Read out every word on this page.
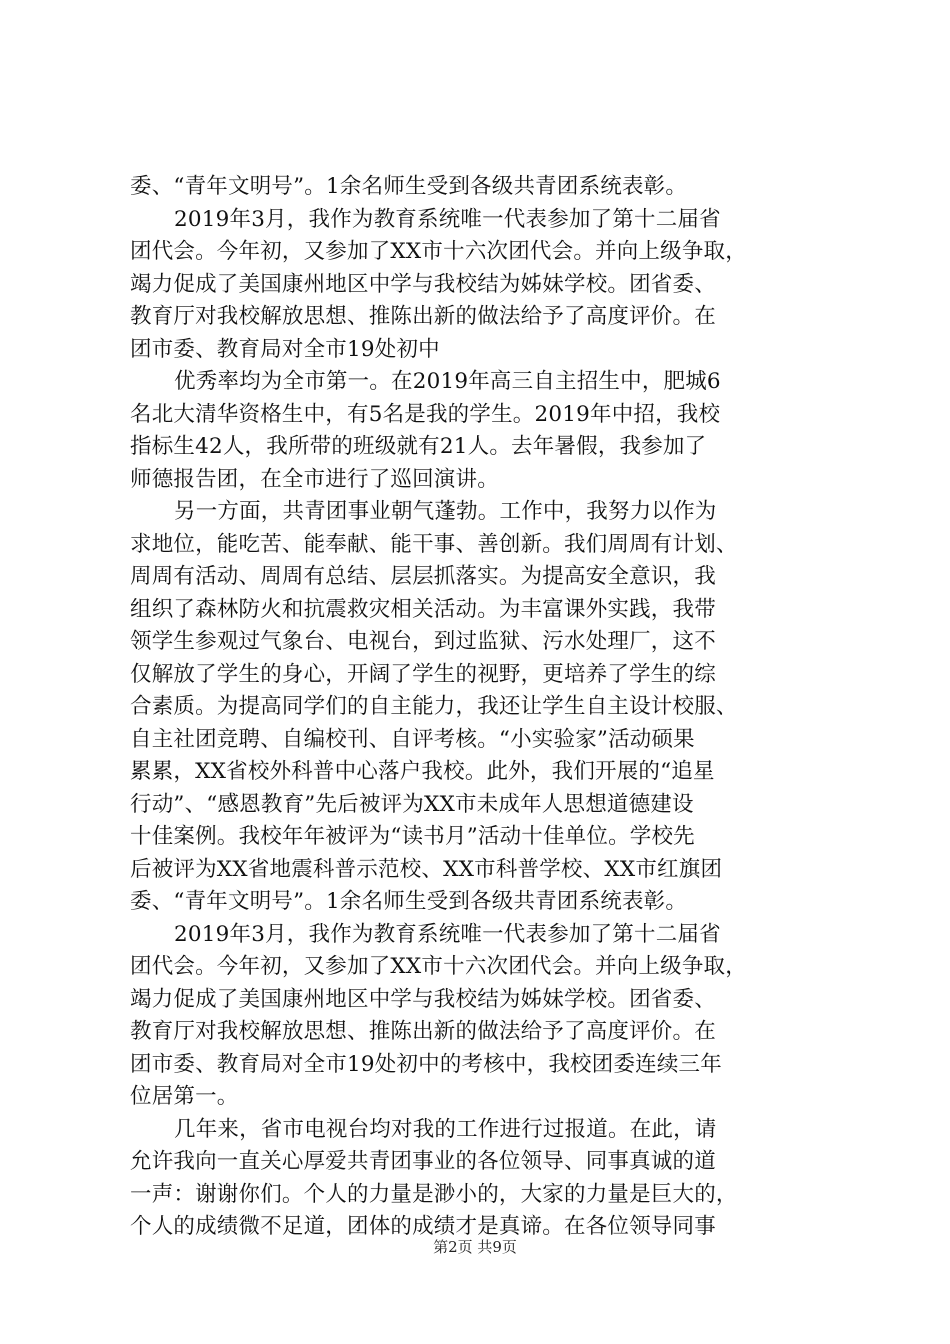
委、“青年文明号”。1余名师生受到各级共青团系统表彰。
2019年3月，我作为教育系统唯一代表参加了第十二届省
团代会。今年初，又参加了XX市十六次团代会。并向上级争取，
竭力促成了美国康州地区中学与我校结为姊妹学校。团省委、
教育厅对我校解放思想、推陈出新的做法给予了高度评价。在
团市委、教育局对全市19处初中
优秀率均为全市第一。在2019年高三自主招生中，肥城6
名北大清华资格生中，有5名是我的学生。2019年中招，我校
指标生42人，我所带的班级就有21人。去年暑假，我参加了
师德报告团，在全市进行了巡回演讲。
另一方面，共青团事业朝气蓬勃。工作中，我努力以作为
求地位，能吃苦、能奉献、能干事、善创新。我们周周有计划、
周周有活动、周周有总结、层层抓落实。为提高安全意识，我
组织了森林防火和抗震救灾相关活动。为丰富课外实践，我带
领学生参观过气象台、电视台，到过监狱、污水处理厂，这不
仅解放了学生的身心，开阔了学生的视野，更培养了学生的综
合素质。为提高同学们的自主能力，我还让学生自主设计校服、
自主社团竞聘、自编校刊、自评考核。“小实验家”活动硕果
累累，XX省校外科普中心落户我校。此外，我们开展的“追星
行动”、“感恩教育”先后被评为XX市未成年人思想道德建设
十佳案例。我校年年被评为“读书月”活动十佳单位。学校先
后被评为XX省地震科普示范校、XX市科普学校、XX市红旗团
委、“青年文明号”。1余名师生受到各级共青团系统表彰。
2019年3月，我作为教育系统唯一代表参加了第十二届省
团代会。今年初，又参加了XX市十六次团代会。并向上级争取，
竭力促成了美国康州地区中学与我校结为姊妹学校。团省委、
教育厅对我校解放思想、推陈出新的做法给予了高度评价。在
团市委、教育局对全市19处初中的考核中，我校团委连续三年
位居第一。
几年来，省市电视台均对我的工作进行过报道。在此，请
允许我向一直关心厚爱共青团事业的各位领导、同事真诚的道
一声：谢谢你们。个人的力量是渺小的，大家的力量是巨大的，
个人的成绩微不足道，团体的成绩才是真谛。在各位领导同事
第2页 共9页
